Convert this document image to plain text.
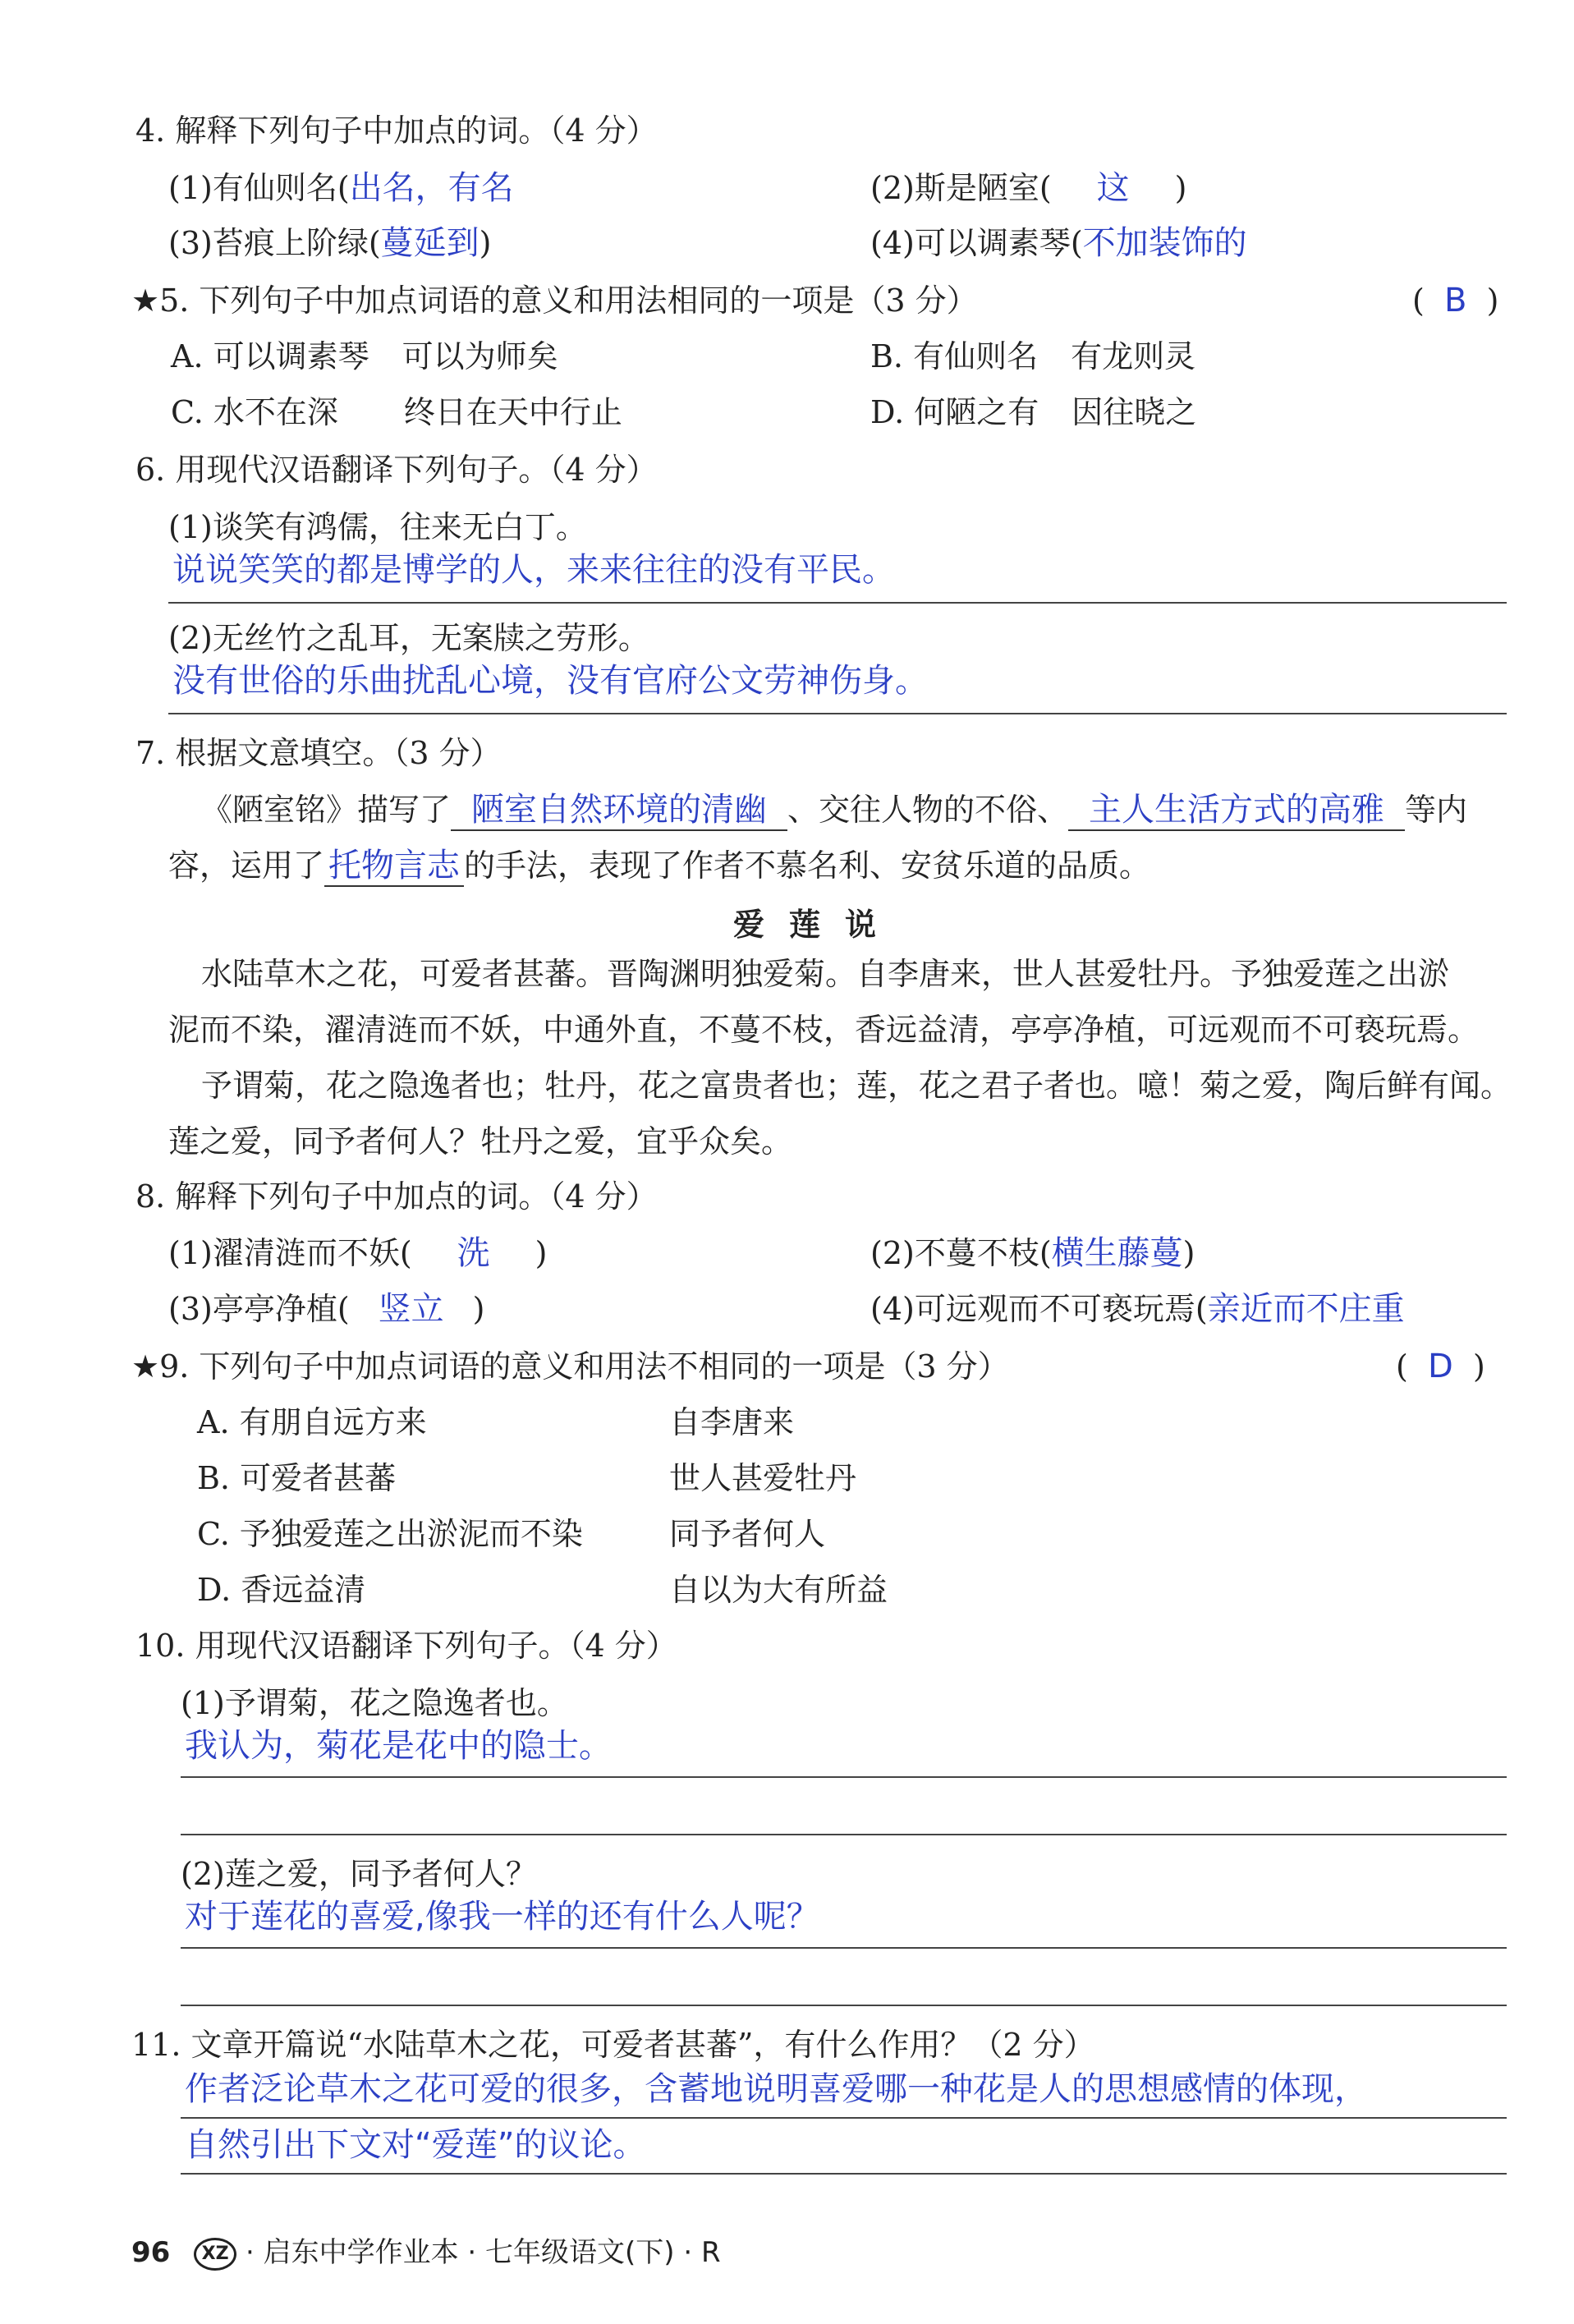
4. 解释下列句子中加点的词。（4 分）
(1)有仙则名(出名，有名	(2)斯是陋室( 这 )
(3)苔痕上阶绿(蔓延到)	(4)可以调素琴(不加装饰的
★5. 下列句子中加点词语的意义和用法相同的一项是（3 分）	(  B  )
A. 可以调素琴 可以为师矣	B. 有仙则名 有龙则灵
C. 水不在深 终日在天中行止	D. 何陋之有 因往晓之
6. 用现代汉语翻译下列句子。（4 分）
(1)谈笑有鸿儒，往来无白丁。
说说笑笑的都是博学的人，来来往往的没有平民。
(2)无丝竹之乱耳，无案牍之劳形。
没有世俗的乐曲扰乱心境，没有官府公文劳神伤身。
7. 根据文意填空。（3 分）
《陋室铭》描写了 陋室自然环境的清幽 、交往人物的不俗、 主人生活方式的高雅 等内
容，运用了 托物言志 的手法，表现了作者不慕名利、安贫乐道的品质。
爱莲说
水陆草木之花，可爱者甚蕃。晋陶渊明独爱菊。自李唐来，世人甚爱牡丹。予独爱莲之出淤
泥而不染，濯清涟而不妖，中通外直，不蔓不枝，香远益清，亭亭净植，可远观而不可亵玩焉。
予谓菊，花之隐逸者也；牡丹，花之富贵者也；莲，花之君子者也。噫！菊之爱，陶后鲜有闻。
莲之爱，同予者何人？牡丹之爱，宜乎众矣。
8. 解释下列句子中加点的词。（4 分）
(1)濯清涟而不妖( 洗 )	(2)不蔓不枝(横生藤蔓)
(3)亭亭净植( 竖立 )	(4)可远观而不可亵玩焉(亲近而不庄重
★9. 下列句子中加点词语的意义和用法不相同的一项是（3 分）	(  D  )
A. 有朋自远方来	自李唐来
B. 可爱者甚蕃	世人甚爱牡丹
C. 予独爱莲之出淤泥而不染	同予者何人
D. 香远益清	自以为大有所益
10. 用现代汉语翻译下列句子。（4 分）
(1)予谓菊，花之隐逸者也。
我认为，菊花是花中的隐士。
(2)莲之爱，同予者何人？
对于莲花的喜爱,像我一样的还有什么人呢？
11. 文章开篇说“水陆草木之花，可爱者甚蕃”，有什么作用？（2 分）
作者泛论草木之花可爱的很多，含蓄地说明喜爱哪一种花是人的思想感情的体现，
自然引出下文对“爱莲”的议论。
96 XZ · 启东中学作业本 · 七年级语文(下) · R
